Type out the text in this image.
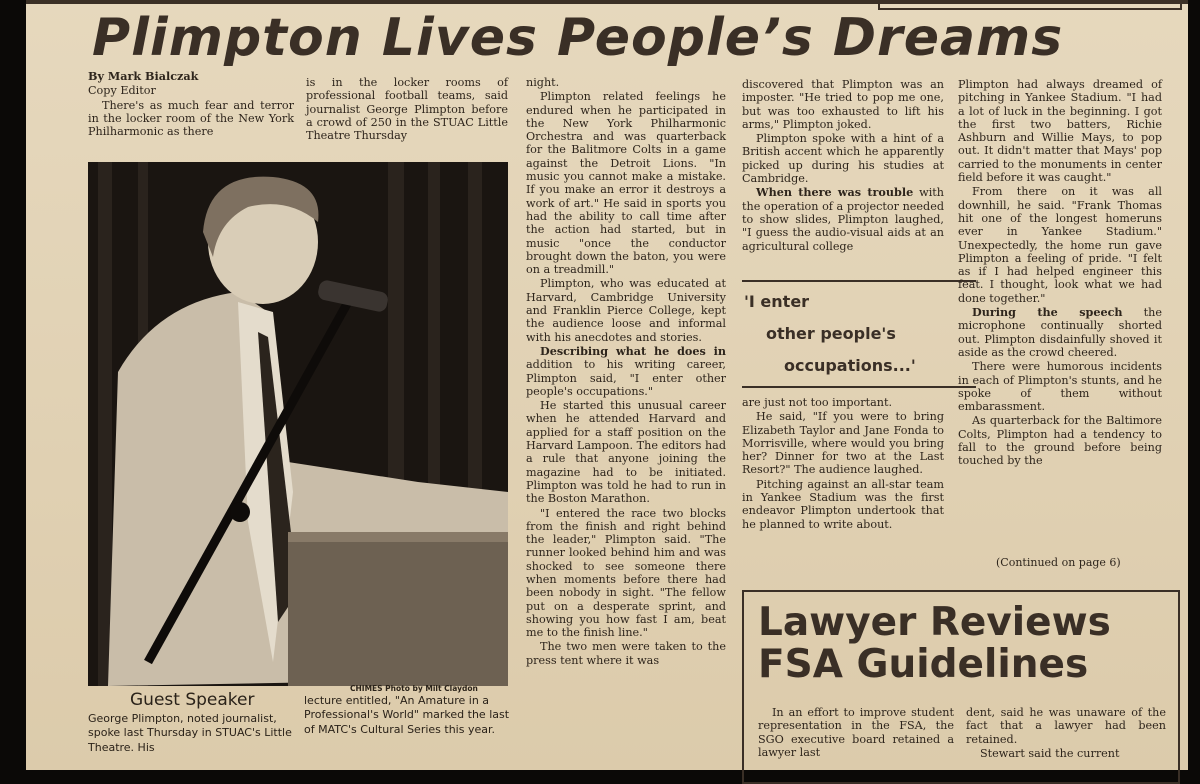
Plimpton Lives People’s Dreams

By Mark Bialczak

Copy Editor

There's as much fear and terror in the locker room of the New York Philharmonic as there

is in the locker rooms of professional football teams, said journalist George Plimpton before a crowd of 250 in the STUAC Little Theatre Thursday

CHIMES Photo by Milt Claydon
Guest Speaker
George Plimpton, noted journalist, spoke last Thursday in STUAC's Little Theatre. His
lecture entitled, "An Amature in a Professional's World" marked the last of MATC's Cultural Series this year.

night.

Plimpton related feelings he endured when he participated in the New York Philharmonic Orchestra and was quarterback for the Balitmore Colts in a game against the Detroit Lions. "In music you cannot make a mistake. If you make an error it destroys a work of art." He said in sports you had the ability to call time after the action had started, but in music "once the conductor brought down the baton, you were on a treadmill."

Plimpton, who was educated at Harvard, Cambridge University and Franklin Pierce College, kept the audience loose and informal with his anecdotes and stories.

Describing what he does in addition to his writing career, Plimpton said, "I enter other people's occupations."

He started this unusual career when he attended Harvard and applied for a staff position on the Harvard Lampoon. The editors had a rule that anyone joining the magazine had to be initiated. Plimpton was told he had to run in the Boston Marathon.

"I entered the race two blocks from the finish and right behind the leader," Plimpton said. "The runner looked behind him and was shocked to see someone there when moments before there had been nobody in sight. "The fellow put on a desperate sprint, and showing you how fast I am, beat me to the finish line."

The two men were taken to the press tent where it was

discovered that Plimpton was an imposter. "He tried to pop me one, but was too exhausted to lift his arms," Plimpton joked.

Plimpton spoke with a hint of a British accent which he apparently picked up during his studies at Cambridge.

When there was trouble with the operation of a projector needed to show slides, Plimpton laughed, "I guess the audio-visual aids at an agricultural college

'I enter
other people's
occupations...'

are just not too important.

He said, "If you were to bring Elizabeth Taylor and Jane Fonda to Morrisville, where would you bring her? Dinner for two at the Last Resort?" The audience laughed.

Pitching against an all-star team in Yankee Stadium was the first endeavor Plimpton undertook that he planned to write about.

Plimpton had always dreamed of pitching in Yankee Stadium. "I had a lot of luck in the beginning. I got the first two batters, Richie Ashburn and Willie Mays, to pop out. It didn't matter that Mays' pop carried to the monuments in center field before it was caught."

From there on it was all downhill, he said. "Frank Thomas hit one of the longest homeruns ever in Yankee Stadium." Unexpectedly, the home run gave Plimpton a feeling of pride. "I felt as if I had helped engineer this feat. I thought, look what we had done together."

During the speech the microphone continually shorted out. Plimpton disdainfully shoved it aside as the crowd cheered.

There were humorous incidents in each of Plimpton's stunts, and he spoke of them without embarassment.

As quarterback for the Baltimore Colts, Plimpton had a tendency to fall to the ground before being touched by the

(Continued on page 6)
Lawyer Reviews
FSA Guidelines

In an effort to improve student representation in the FSA, the SGO executive board retained a lawyer last

dent, said he was unaware of the fact that a lawyer had been retained.

Stewart said the current
